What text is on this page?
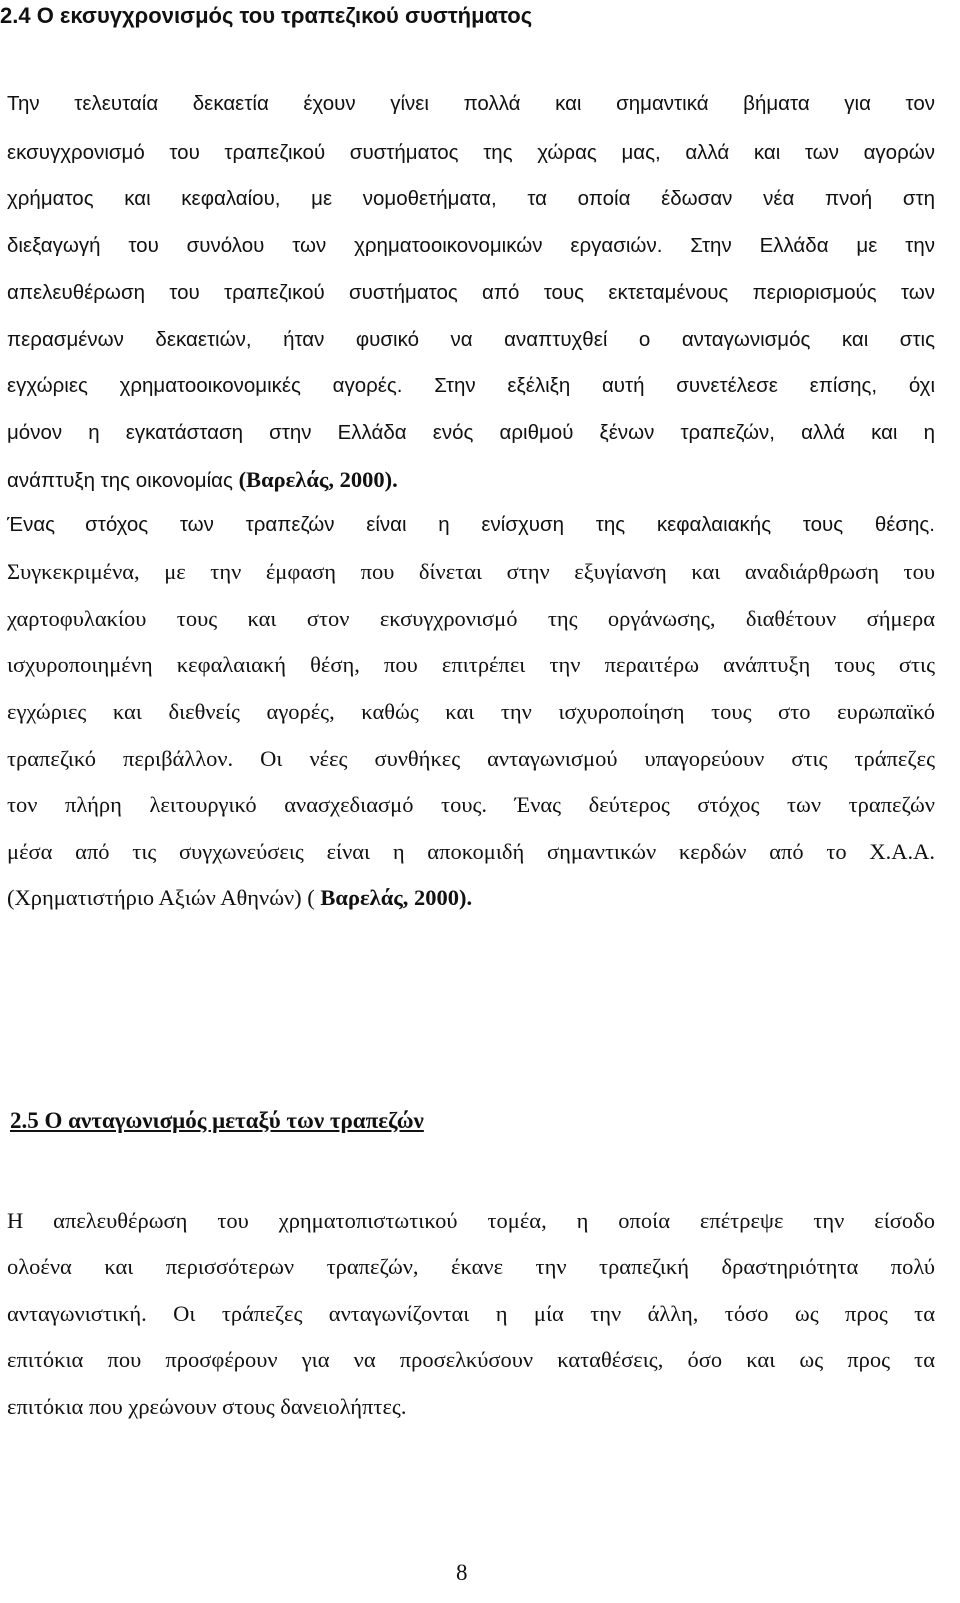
2.4 Ο εκσυγχρονισμός του τραπεζικού συστήματος

Την τελευταία δεκαετία έχουν γίνει πολλά και σημαντικά βήματα για τον

εκσυγχρονισμό του τραπεζικού συστήματος της χώρας μας, αλλά και των αγορών

χρήματος και κεφαλαίου, με νομοθετήματα, τα οποία έδωσαν νέα πνοή στη

διεξαγωγή του συνόλου των χρηματοοικονομικών εργασιών. Στην Ελλάδα με την

απελευθέρωση του τραπεζικού συστήματος από τους εκτεταμένους περιορισμούς των

περασμένων δεκαετιών, ήταν φυσικό να αναπτυχθεί ο ανταγωνισμός και στις

εγχώριες χρηματοοικονομικές αγορές. Στην εξέλιξη αυτή συνετέλεσε επίσης, όχι

μόνον η εγκατάσταση στην Ελλάδα ενός αριθμού ξένων τραπεζών, αλλά και η

ανάπτυξη της οικονομίας (Βαρελάς, 2000).

Ένας στόχος των τραπεζών είναι η ενίσχυση της κεφαλαιακής τους θέσης.

Συγκεκριμένα, με την έμφαση που δίνεται στην εξυγίανση και αναδιάρθρωση του

χαρτοφυλακίου τους και στον εκσυγχρονισμό της οργάνωσης, διαθέτουν σήμερα

ισχυροποιημένη κεφαλαιακή θέση, που επιτρέπει την περαιτέρω ανάπτυξη τους στις

εγχώριες και διεθνείς αγορές, καθώς και την ισχυροποίηση τους στο ευρωπαϊκό

τραπεζικό περιβάλλον. Οι νέες συνθήκες ανταγωνισμού υπαγορεύουν στις τράπεζες

τον πλήρη λειτουργικό ανασχεδιασμό τους. Ένας δεύτερος στόχος των τραπεζών

μέσα από τις συγχωνεύσεις είναι η αποκομιδή σημαντικών κερδών από το Χ.Α.Α.

(Χρηματιστήριο Αξιών Αθηνών) ( Βαρελάς, 2000).

2.5 Ο ανταγωνισμός μεταξύ των τραπεζών

Η απελευθέρωση του χρηματοπιστωτικού τομέα, η οποία επέτρεψε την είσοδο

ολοένα και περισσότερων τραπεζών, έκανε την τραπεζική δραστηριότητα πολύ

ανταγωνιστική. Οι τράπεζες ανταγωνίζονται η μία την άλλη, τόσο ως προς τα

επιτόκια που προσφέρουν για να προσελκύσουν καταθέσεις, όσο και ως προς τα

επιτόκια που χρεώνουν στους δανειολήπτες.

8
